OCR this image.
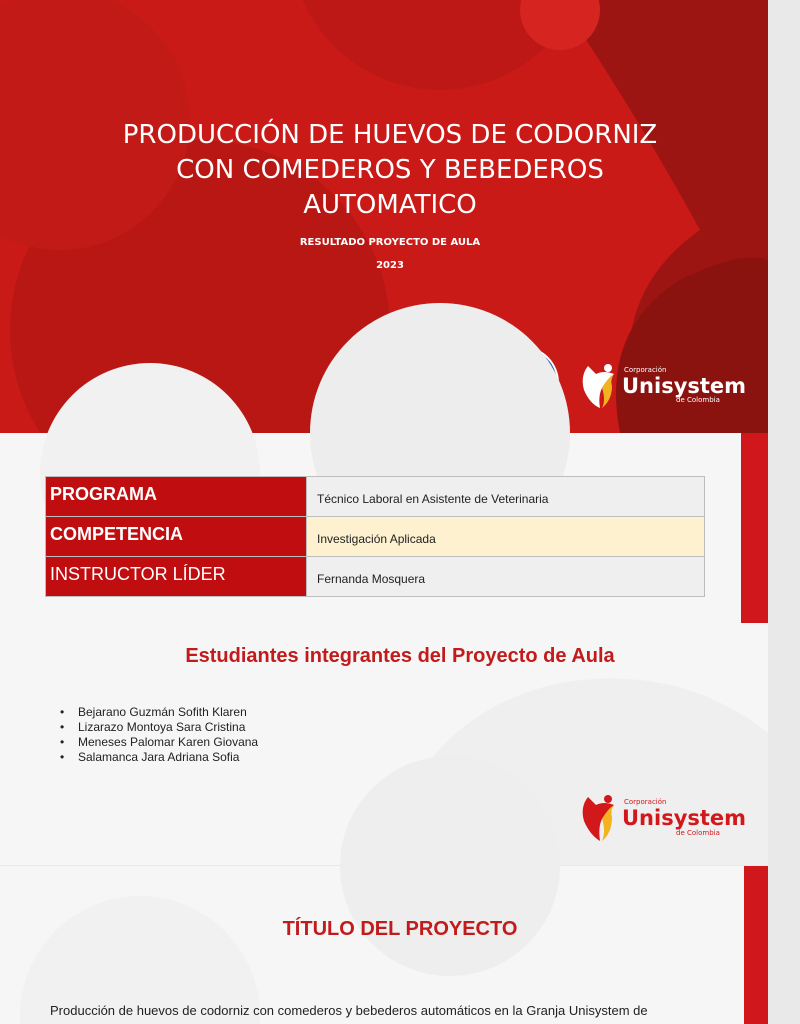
PRODUCCIÓN DE HUEVOS DE CODORNIZ
CON COMEDEROS Y BEBEDEROS
AUTOMATICO
RESULTADO PROYECTO DE AULA
2023
Corporación
Unisystem
de Colombia
PROGRAMA	Técnico Laboral en Asistente de Veterinaria
COMPETENCIA	Investigación Aplicada
INSTRUCTOR LÍDER	Fernanda Mosquera
Estudiantes integrantes del Proyecto de Aula
• Bejarano Guzmán Sofith Klaren
• Lizarazo Montoya Sara Cristina
• Meneses Palomar Karen Giovana
• Salamanca Jara Adriana Sofia
Corporación
Unisystem
de Colombia
TÍTULO DEL PROYECTO

Producción de huevos de codorniz con comederos y bebederos automáticos en la Granja Unisystem de
